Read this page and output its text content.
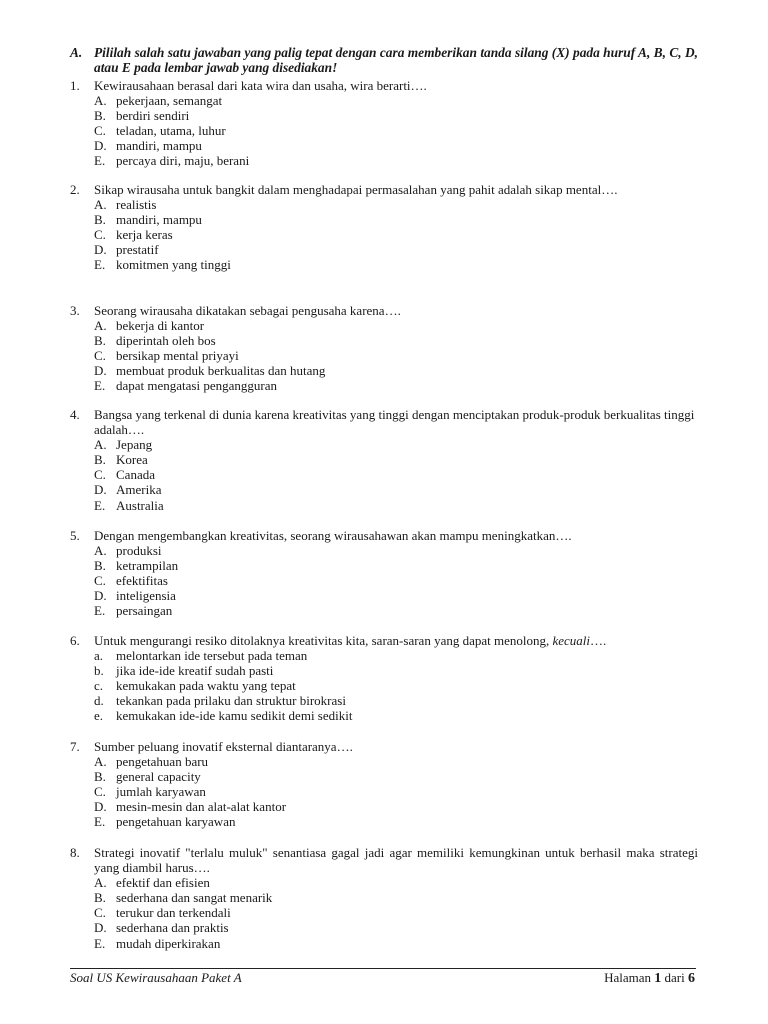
A. Pililah salah satu jawaban yang palig tepat dengan cara memberikan tanda silang (X) pada huruf A, B, C, D, atau E pada lembar jawab yang disediakan!
1. Kewirausahaan berasal dari kata wira dan usaha, wira berarti….
A. pekerjaan, semangat
B. berdiri sendiri
C. teladan, utama, luhur
D. mandiri, mampu
E. percaya diri, maju, berani
2. Sikap wirausaha untuk bangkit dalam menghadapai permasalahan yang pahit adalah sikap mental….
A. realistis
B. mandiri, mampu
C. kerja keras
D. prestatif
E. komitmen yang tinggi
3. Seorang wirausaha dikatakan sebagai pengusaha karena….
A. bekerja di kantor
B. diperintah oleh bos
C. bersikap mental priyayi
D. membuat produk berkualitas dan hutang
E. dapat mengatasi pengangguran
4. Bangsa yang terkenal di dunia karena kreativitas yang tinggi dengan menciptakan produk-produk berkualitas tinggi adalah….
A. Jepang
B. Korea
C. Canada
D. Amerika
E. Australia
5. Dengan mengembangkan kreativitas, seorang wirausahawan akan mampu meningkatkan….
A. produksi
B. ketrampilan
C. efektifitas
D. inteligensia
E. persaingan
6. Untuk mengurangi resiko ditolaknya kreativitas kita, saran-saran yang dapat menolong, kecuali….
a. melontarkan ide tersebut pada teman
b. jika ide-ide kreatif sudah pasti
c. kemukakan pada waktu yang tepat
d. tekankan pada prilaku dan struktur birokrasi
e. kemukakan ide-ide kamu sedikit demi sedikit
7. Sumber peluang inovatif eksternal diantaranya….
A. pengetahuan baru
B. general capacity
C. jumlah karyawan
D. mesin-mesin dan alat-alat kantor
E. pengetahuan karyawan
8. Strategi inovatif "terlalu muluk" senantiasa gagal jadi agar memiliki kemungkinan untuk berhasil maka strategi yang diambil harus….
A. efektif dan efisien
B. sederhana dan sangat menarik
C. terukur dan terkendali
D. sederhana dan praktis
E. mudah diperkirakan
Soal US Kewirausahaan Paket A	Halaman 1 dari 6
